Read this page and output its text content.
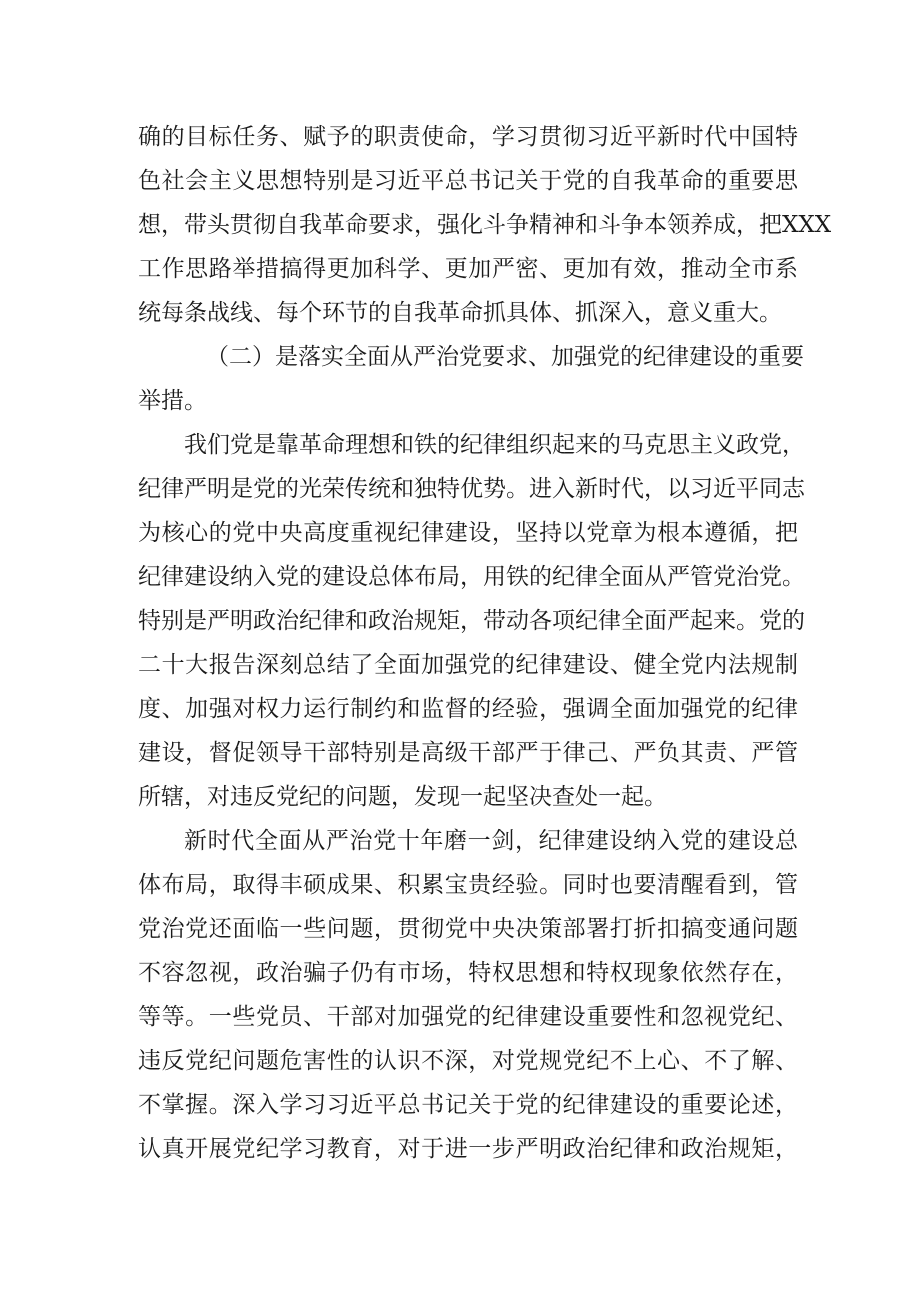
确的目标任务、赋予的职责使命，学习贯彻习近平新时代中国特
色社会主义思想特别是习近平总书记关于党的自我革命的重要思
想，带头贯彻自我革命要求，强化斗争精神和斗争本领养成，把XXX
工作思路举措搞得更加科学、更加严密、更加有效，推动全市系
统每条战线、每个环节的自我革命抓具体、抓深入，意义重大。
（二）是落实全面从严治党要求、加强党的纪律建设的重要
举措。
我们党是靠革命理想和铁的纪律组织起来的马克思主义政党，
纪律严明是党的光荣传统和独特优势。进入新时代，以习近平同志
为核心的党中央高度重视纪律建设，坚持以党章为根本遵循，把
纪律建设纳入党的建设总体布局，用铁的纪律全面从严管党治党。
特别是严明政治纪律和政治规矩，带动各项纪律全面严起来。党的
二十大报告深刻总结了全面加强党的纪律建设、健全党内法规制
度、加强对权力运行制约和监督的经验，强调全面加强党的纪律
建设，督促领导干部特别是高级干部严于律己、严负其责、严管
所辖，对违反党纪的问题，发现一起坚决查处一起。
新时代全面从严治党十年磨一剑，纪律建设纳入党的建设总
体布局，取得丰硕成果、积累宝贵经验。同时也要清醒看到，管
党治党还面临一些问题，贯彻党中央决策部署打折扣搞变通问题
不容忽视，政治骗子仍有市场，特权思想和特权现象依然存在，
等等。一些党员、干部对加强党的纪律建设重要性和忽视党纪、
违反党纪问题危害性的认识不深，对党规党纪不上心、不了解、
不掌握。深入学习习近平总书记关于党的纪律建设的重要论述，
认真开展党纪学习教育，对于进一步严明政治纪律和政治规矩，
